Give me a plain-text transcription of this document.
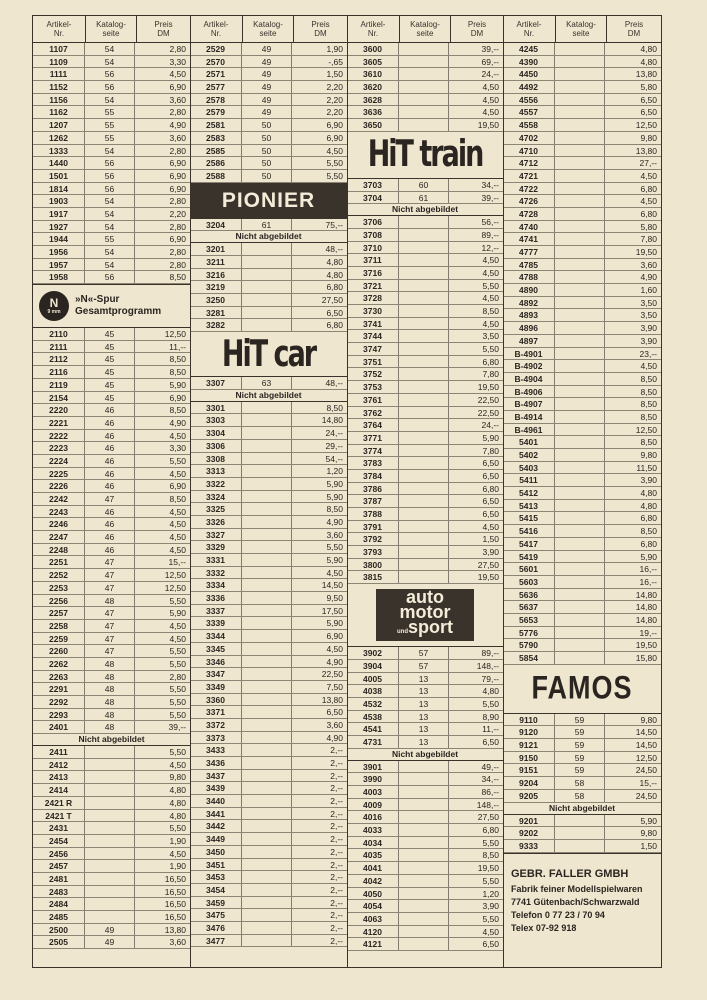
Artikel-
Nr.
Katalog-
seite
Preis
DM
1107	54	2,80
1109	54	3,30
1111	56	4,50
1152	56	6,90
1156	54	3,60
1162	55	2,80
1207	55	4,90
1262	55	3,60
1333	54	2,80
1440	56	6,90
1501	56	6,90
1814	56	6,90
1903	54	2,80
1917	54	2,20
1927	54	2,80
1944	55	6,90
1956	54	2,80
1957	54	2,80
1958	56	8,50
N
9 mm
»N«-Spur
Gesamtprogramm
2110	45	12,50
2111	45	11,--
2112	45	8,50
2116	45	8,50
2119	45	5,90
2154	45	6,90
2220	46	8,50
2221	46	4,90
2222	46	4,50
2223	46	3,30
2224	46	5,50
2225	46	4,50
2226	46	6,90
2242	47	8,50
2243	46	4,50
2246	46	4,50
2247	46	4,50
2248	46	4,50
2251	47	15,--
2252	47	12,50
2253	47	12,50
2256	48	5,50
2257	47	5,90
2258	47	4,50
2259	47	4,50
2260	47	5,50
2262	48	5,50
2263	48	2,80
2291	48	5,50
2292	48	5,50
2293	48	5,50
2401	48	39,--
Nicht abgebildet
2411	5,50
2412	4,50
2413	9,80
2414	4,80
2421 R	4,80
2421 T	4,80
2431	5,50
2454	1,90
2456	4,50
2457	1,90
2481	16,50
2483	16,50
2484	16,50
2485	16,50
2500	49	13,80
2505	49	3,60
Artikel-
Nr.
Katalog-
seite
Preis
DM
2529	49	1,90
2570	49	-,65
2571	49	1,50
2577	49	2,20
2578	49	2,20
2579	49	2,20
2581	50	6,90
2583	50	6,90
2585	50	4,50
2586	50	5,50
2588	50	5,50
PIONIER
3204	61	75,--
Nicht abgebildet
3201	48,--
3211	4,80
3216	4,80
3219	6,80
3250	27,50
3281	6,50
3282	6,80
HiT car
3307	63	48,--
Nicht abgebildet
3301	8,50
3303	14,80
3304	24,--
3306	29,--
3308	54,--
3313	1,20
3322	5,90
3324	5,90
3325	8,50
3326	4,90
3327	3,60
3329	5,50
3331	5,90
3332	4,50
3334	14,50
3336	9,50
3337	17,50
3339	5,90
3344	6,90
3345	4,50
3346	4,90
3347	22,50
3349	7,50
3360	13,80
3371	6,50
3372	3,60
3373	4,90
3433	2,--
3436	2,--
3437	2,--
3439	2,--
3440	2,--
3441	2,--
3442	2,--
3449	2,--
3450	2,--
3451	2,--
3453	2,--
3454	2,--
3459	2,--
3475	2,--
3476	2,--
3477	2,--
Artikel-
Nr.
Katalog-
seite
Preis
DM
3600	39,--
3605	69,--
3610	24,--
3620	4,50
3628	4,50
3636	4,50
3650	19,50
HiT train
3703	60	34,--
3704	61	39,--
Nicht abgebildet
3706	56,--
3708	89,--
3710	12,--
3711	4,50
3716	4,50
3721	5,50
3728	4,50
3730	8,50
3741	4,50
3744	3,50
3747	5,50
3751	6,80
3752	7,80
3753	19,50
3761	22,50
3762	22,50
3764	24,--
3771	5,90
3774	7,80
3783	6,50
3784	6,50
3786	6,80
3787	6,50
3788	6,50
3791	4,50
3792	1,50
3793	3,90
3800	27,50
3815	19,50
auto
motor
undsport
3902	57	89,--
3904	57	148,--
4005	13	79,--
4038	13	4,80
4532	13	5,50
4538	13	8,90
4541	13	11,--
4731	13	6,50
Nicht abgebildet
3901	49,--
3990	34,--
4003	86,--
4009	148,--
4016	27,50
4033	6,80
4034	5,50
4035	8,50
4041	19,50
4042	5,50
4050	1,20
4054	3,90
4063	5,50
4120	4,50
4121	6,50
Artikel-
Nr.
Katalog-
seite
Preis
DM
4245	4,80
4390	4,80
4450	13,80
4492	5,80
4556	6,50
4557	6,50
4558	12,50
4702	9,80
4710	13,80
4712	27,--
4721	4,50
4722	6,80
4726	4,50
4728	6,80
4740	5,80
4741	7,80
4777	19,50
4785	3,60
4788	4,90
4890	1,60
4892	3,50
4893	3,50
4896	3,90
4897	3,90
B-4901	23,--
B-4902	4,50
B-4904	8,50
B-4906	8,50
B-4907	8,50
B-4914	8,50
B-4961	12,50
5401	8,50
5402	9,80
5403	11,50
5411	3,90
5412	4,80
5413	4,80
5415	6,80
5416	8,50
5417	6,80
5419	5,90
5601	16,--
5603	16,--
5636	14,80
5637	14,80
5653	14,80
5776	19,--
5790	19,50
5854	15,80
FAMOS
9110	59	9,80
9120	59	14,50
9121	59	14,50
9150	59	12,50
9151	59	24,50
9204	58	15,--
9205	58	24,50
Nicht abgebildet
9201	5,90
9202	9,80
9333	1,50
GEBR. FALLER GMBH
Fabrik feiner Modellspielwaren
7741 Gütenbach/Schwarzwald
Telefon 0 77 23 / 70 94
Telex 07-92 918
